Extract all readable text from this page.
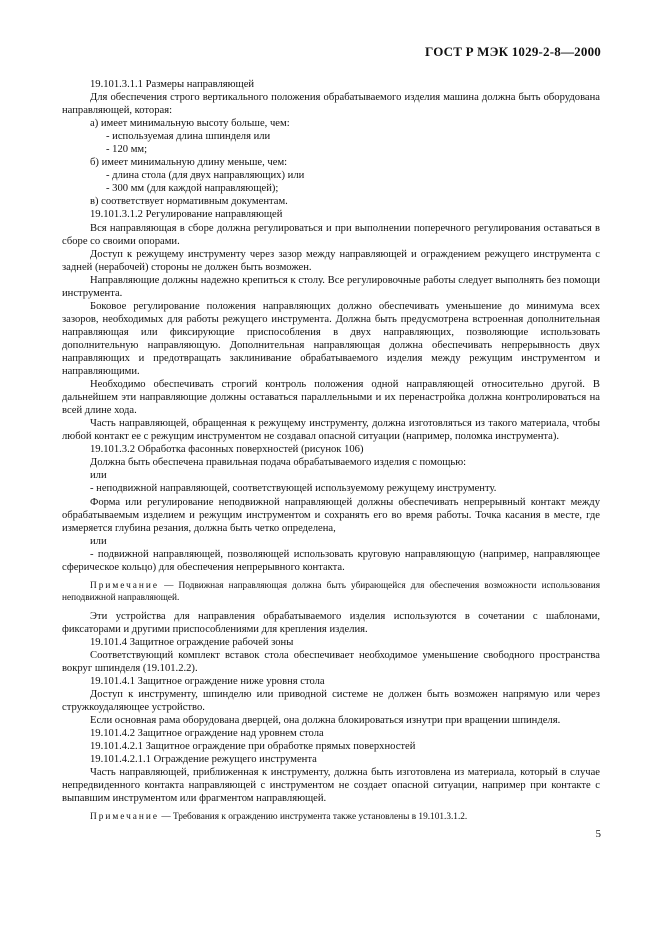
ГОСТ Р МЭК 1029-2-8—2000

19.101.3.1.1 Размеры направляющей

Для обеспечения строго вертикального положения обрабатываемого изделия машина должна быть оборудована направляющей, которая:

а) имеет минимальную высоту больше, чем:

- используемая длина шпинделя или

- 120 мм;

б) имеет минимальную длину меньше, чем:

- длина стола (для двух направляющих) или

- 300 мм (для каждой направляющей);

в) соответствует нормативным документам.

19.101.3.1.2 Регулирование направляющей

Вся направляющая в сборе должна регулироваться и при выполнении поперечного регулирования оставаться в сборе со своими опорами.

Доступ к режущему инструменту через зазор между направляющей и ограждением режущего инструмента с задней (нерабочей) стороны не должен быть возможен.

Направляющие должны надежно крепиться к столу. Все регулировочные работы следует выполнять без помощи инструмента.

Боковое регулирование положения направляющих должно обеспечивать уменьшение до минимума всех зазоров, необходимых для работы режущего инструмента. Должна быть предусмотрена встроенная дополнительная направляющая или фиксирующие приспособления в двух направляющих, позволяющие использовать дополнительную направляющую. Дополнительная направляющая должна обеспечивать непрерывность двух направляющих и предотвращать заклинивание обрабатываемого изделия между режущим инструментом и направляющими.

Необходимо обеспечивать строгий контроль положения одной направляющей относительно другой. В дальнейшем эти направляющие должны оставаться параллельными и их перенастройка должна контролироваться на всей длине хода.

Часть направляющей, обращенная к режущему инструменту, должна изготовляться из такого материала, чтобы любой контакт ее с режущим инструментом не создавал опасной ситуации (например, поломка инструмента).

19.101.3.2 Обработка фасонных поверхностей (рисунок 106)

Должна быть обеспечена правильная подача обрабатываемого изделия с помощью:

или

- неподвижной направляющей, соответствующей используемому режущему инструменту.

Форма или регулирование неподвижной направляющей должны обеспечивать непрерывный контакт между обрабатываемым изделием и режущим инструментом и сохранять его во время работы. Точка касания в месте, где измеряется глубина резания, должна быть четко определена,

или

- подвижной направляющей, позволяющей использовать круговую направляющую (например, направляющее сферическое кольцо) для обеспечения непрерывного контакта.

Примечание — Подвижная направляющая должна быть убирающейся для обеспечения возможности использования неподвижной направляющей.

Эти устройства для направления обрабатываемого изделия используются в сочетании с шаблонами, фиксаторами и другими приспособлениями для крепления изделия.

19.101.4 Защитное ограждение рабочей зоны

Соответствующий комплект вставок стола обеспечивает необходимое уменьшение свободного пространства вокруг шпинделя (19.101.2.2).

19.101.4.1 Защитное ограждение ниже уровня стола

Доступ к инструменту, шпинделю или приводной системе не должен быть возможен напрямую или через стружкоудаляющее устройство.

Если основная рама оборудована дверцей, она должна блокироваться изнутри при вращении шпинделя.

19.101.4.2 Защитное ограждение над уровнем стола

19.101.4.2.1 Защитное ограждение при обработке прямых поверхностей

19.101.4.2.1.1 Ограждение режущего инструмента

Часть направляющей, приближенная к инструменту, должна быть изготовлена из материала, который в случае непредвиденного контакта направляющей с инструментом не создает опасной ситуации, например при контакте с выпавшим инструментом или фрагментом направляющей.

Примечание — Требования к ограждению инструмента также установлены в 19.101.3.1.2.

5
